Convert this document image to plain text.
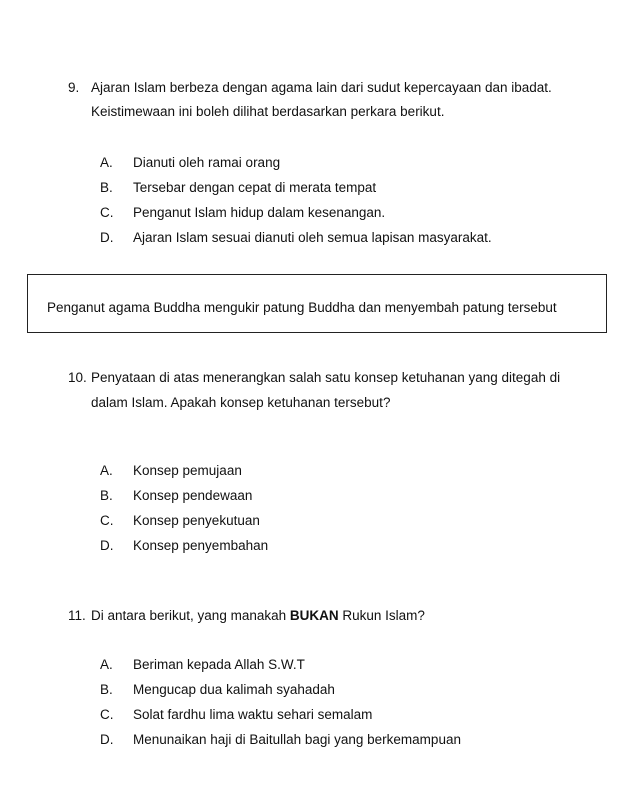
9. Ajaran Islam berbeza dengan agama lain dari sudut kepercayaan dan ibadat.
Keistimewaan ini boleh dilihat berdasarkan perkara berikut.
A. Dianuti oleh ramai orang
B. Tersebar dengan cepat di merata tempat
C. Penganut Islam hidup dalam kesenangan.
D. Ajaran Islam sesuai dianuti oleh semua lapisan masyarakat.
Penganut agama Buddha mengukir patung Buddha dan menyembah patung tersebut
10. Penyataan di atas menerangkan salah satu konsep ketuhanan yang ditegah di
dalam Islam. Apakah konsep ketuhanan tersebut?
A. Konsep pemujaan
B. Konsep pendewaan
C. Konsep penyekutuan
D. Konsep penyembahan
11. Di antara berikut, yang manakah BUKAN Rukun Islam?
A. Beriman kepada Allah S.W.T
B. Mengucap dua kalimah syahadah
C. Solat fardhu lima waktu sehari semalam
D. Menunaikan haji di Baitullah bagi yang berkemampuan
